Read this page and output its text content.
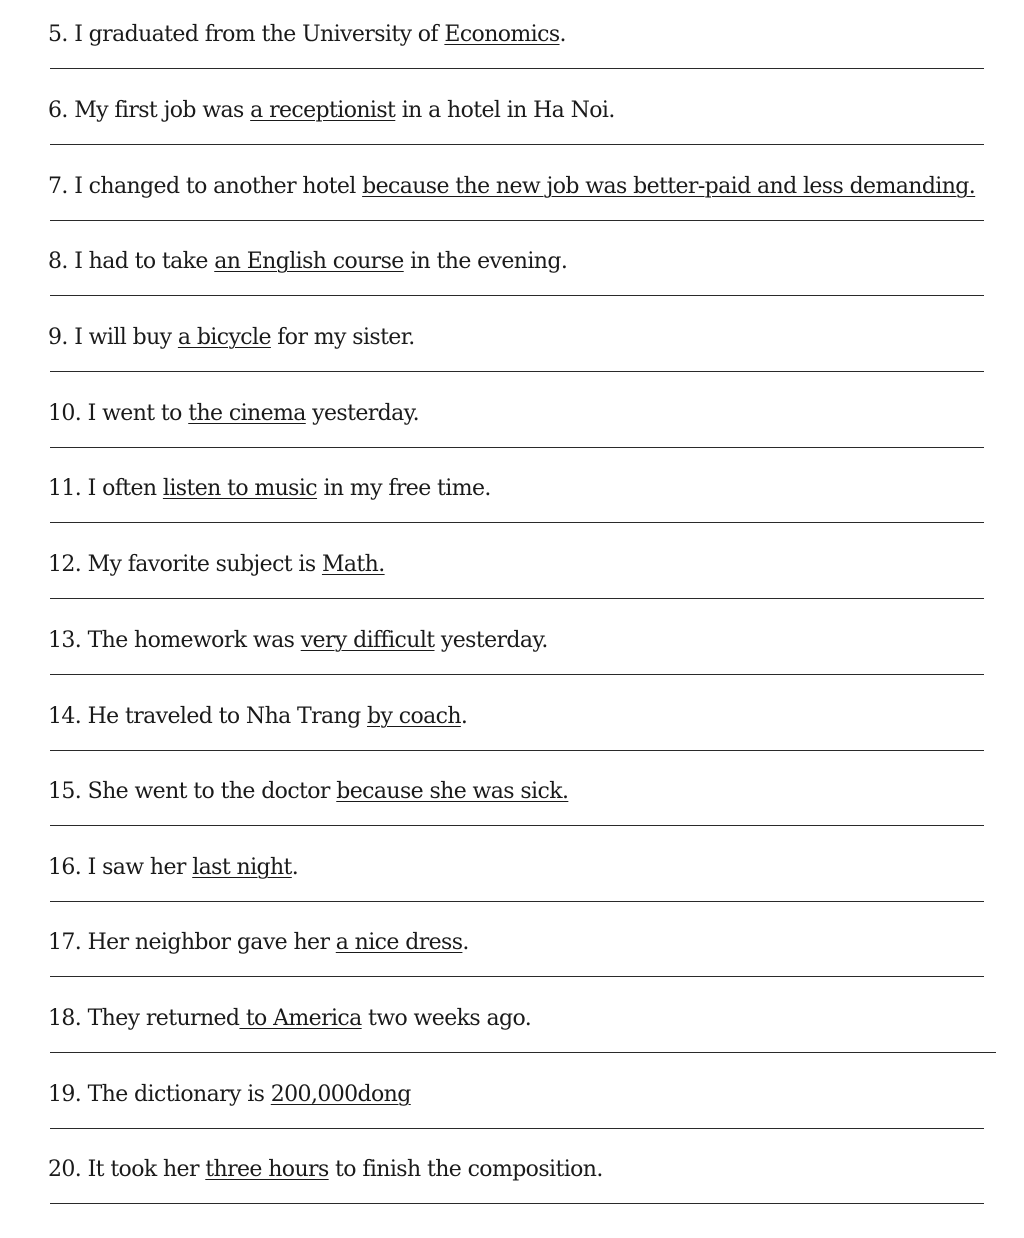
5. I graduated from the University of Economics.
6. My first job was a receptionist in a hotel in Ha Noi.
7. I changed to another hotel because the new job was better-paid and less demanding.
8. I had to take an English course in the evening.
9. I will buy a bicycle for my sister.
10. I went to the cinema yesterday.
11. I often listen to music in my free time.
12. My favorite subject is Math.
13. The homework was very difficult yesterday.
14. He traveled to Nha Trang by coach.
15. She went to the doctor because she was sick.
16. I saw her last night.
17. Her neighbor gave her a nice dress.
18. They returned to America two weeks ago.
19. The dictionary is 200,000dong
20. It took her three hours to finish the composition.
